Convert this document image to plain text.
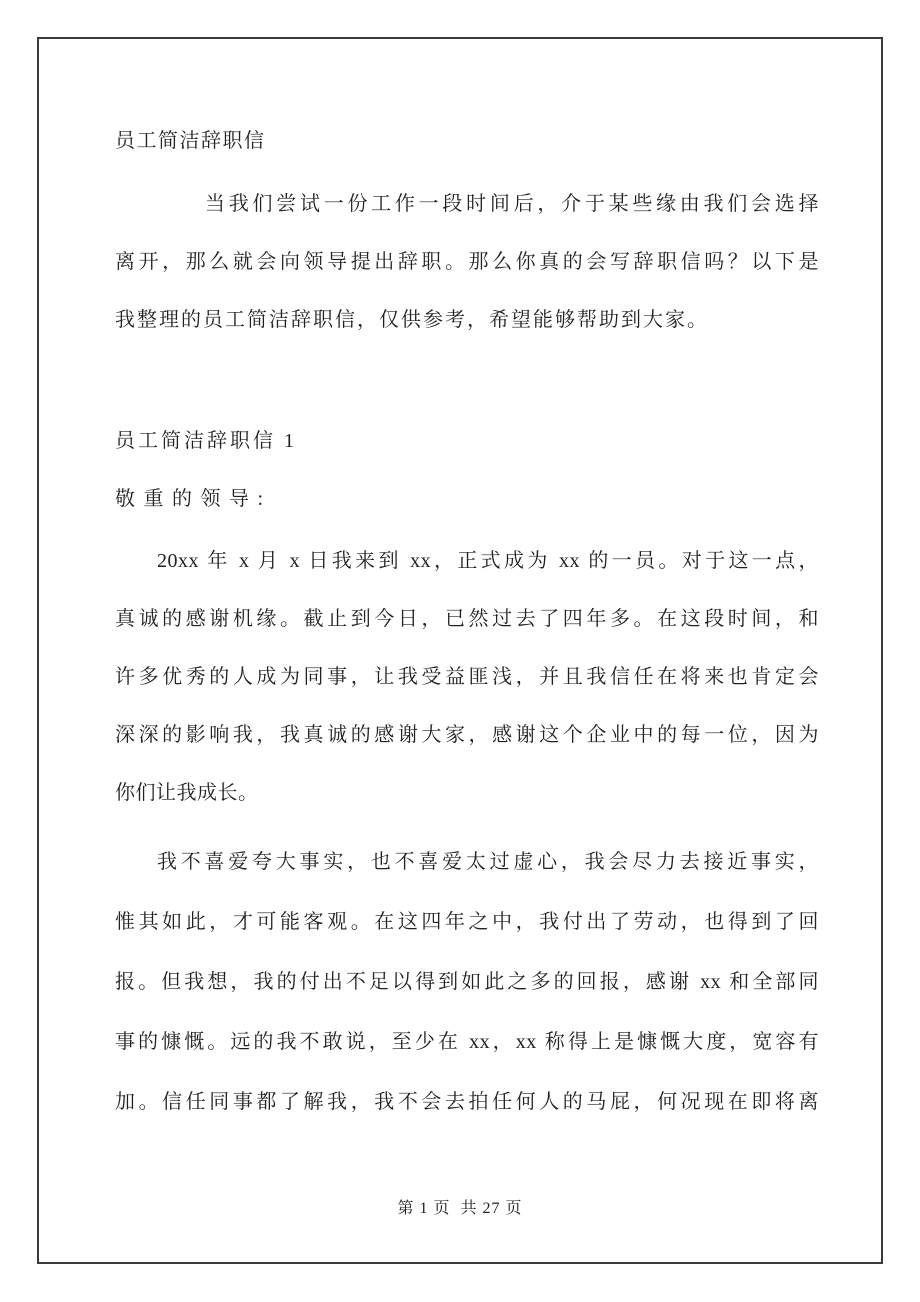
员工简洁辞职信
当我们尝试一份工作一段时间后，介于某些缘由我们会选择
离开，那么就会向领导提出辞职。那么你真的会写辞职信吗？以下是
我整理的员工简洁辞职信，仅供参考，希望能够帮助到大家。
员工简洁辞职信 1
敬重的领导:
20xx 年 x 月 x 日我来到 xx，正式成为 xx 的一员。对于这一点，
真诚的感谢机缘。截止到今日，已然过去了四年多。在这段时间，和
许多优秀的人成为同事，让我受益匪浅，并且我信任在将来也肯定会
深深的影响我，我真诚的感谢大家，感谢这个企业中的每一位，因为
你们让我成长。
我不喜爱夸大事实，也不喜爱太过虚心，我会尽力去接近事实，
惟其如此，才可能客观。在这四年之中，我付出了劳动，也得到了回
报。但我想，我的付出不足以得到如此之多的回报，感谢 xx 和全部同
事的慷慨。远的我不敢说，至少在 xx，xx 称得上是慷慨大度，宽容有
加。信任同事都了解我，我不会去拍任何人的马屁，何况现在即将离
第 1 页  共 27 页
